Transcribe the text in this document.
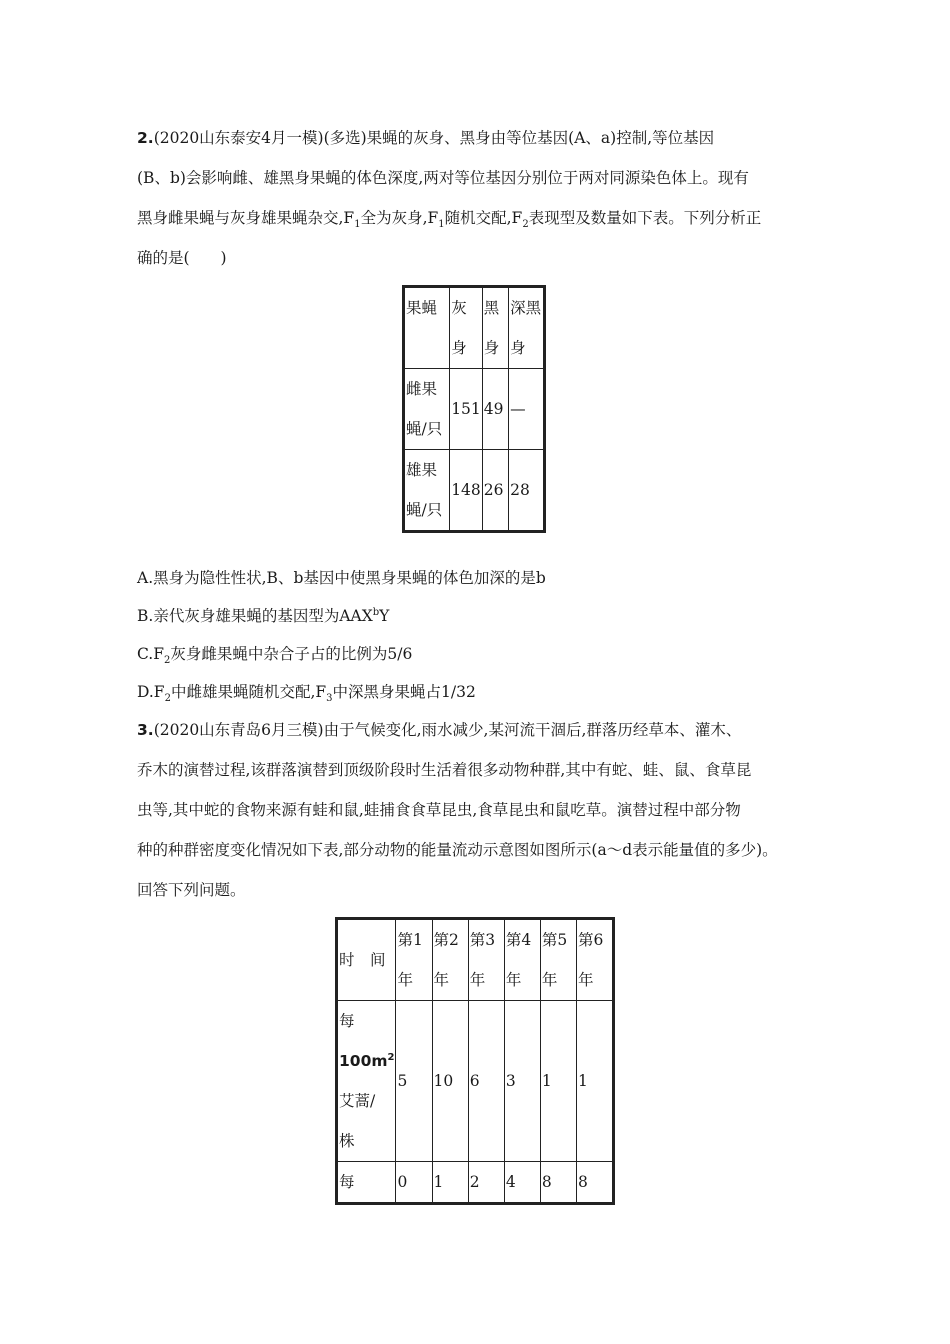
2.(2020山东泰安4月一模)(多选)果蝇的灰身、黑身由等位基因(A、a)控制,等位基因
(B、b)会影响雌、雄黑身果蝇的体色深度,两对等位基因分别位于两对同源染色体上。现有
黑身雌果蝇与灰身雄果蝇杂交$,F_1$全为灰身$,F_1$随机交配$,F_2$表现型及数量如下表。下列分析正
确的是(　　)
果蝇	灰身	黑身	深黑身
雌果蝇/只	151	49	—
雄果蝇/只	148	26	28
A.黑身为隐性性状,B、b基因中使黑身果蝇的体色加深的是b
B.亲代灰身雄果蝇的基因型为AAX$^b$Y
$C.F_2$灰身雌果蝇中杂合子占的比例为5/6
$D.F_2$中雌雄果蝇随机交配$,F_3$中深黑身果蝇占1/32
3.(2020山东青岛6月三模)由于气候变化,雨水减少,某河流干涸后,群落历经草本、灌木、
乔木的演替过程,该群落演替到顶级阶段时生活着很多动物种群,其中有蛇、蛙、鼠、食草昆
虫等,其中蛇的食物来源有蛙和鼠,蛙捕食食草昆虫,食草昆虫和鼠吃草。演替过程中部分物
种的种群密度变化情况如下表,部分动物的能量流动示意图如图所示(a～d表示能量值的多少)。
回答下列问题。
时　间	第1年	第2年	第3年	第4年	第5年	第6年

每
$100m^2$
艾蒿/
株	5	10	6	3	1	1
每	0	1	2	4	8	8
